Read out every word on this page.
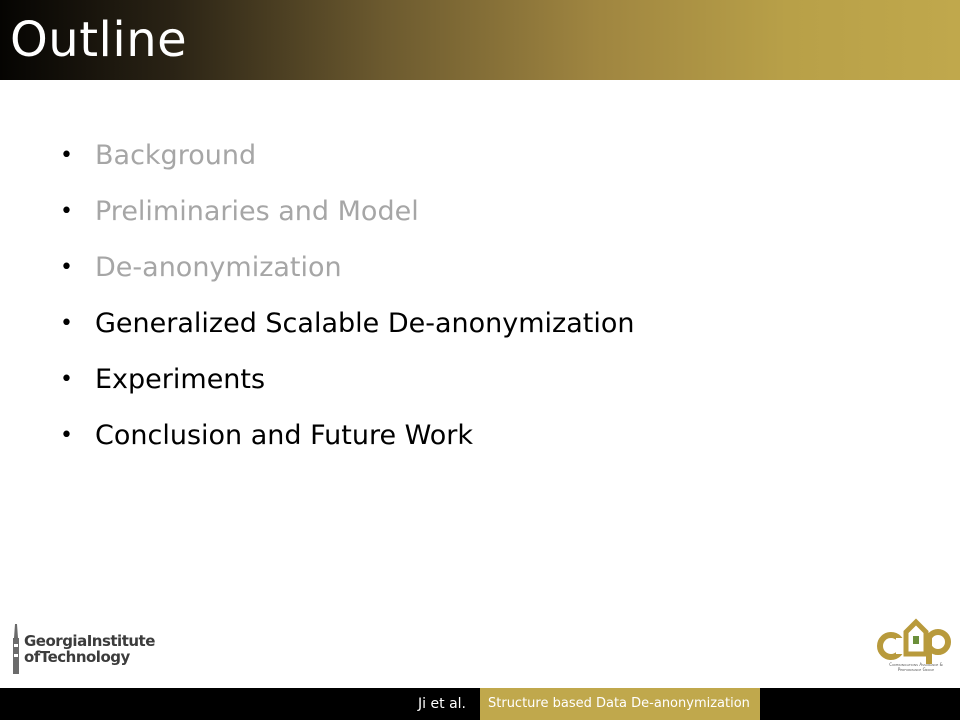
Outline
• Background
• Preliminaries and Model
• De-anonymization
• Generalized Scalable De-anonymization
• Experiments
• Conclusion and Future Work
GeorgiaInstitute
ofTechnology	Communications Assurance & Performance Group
Ji et al.	Structure based Data De-anonymization
